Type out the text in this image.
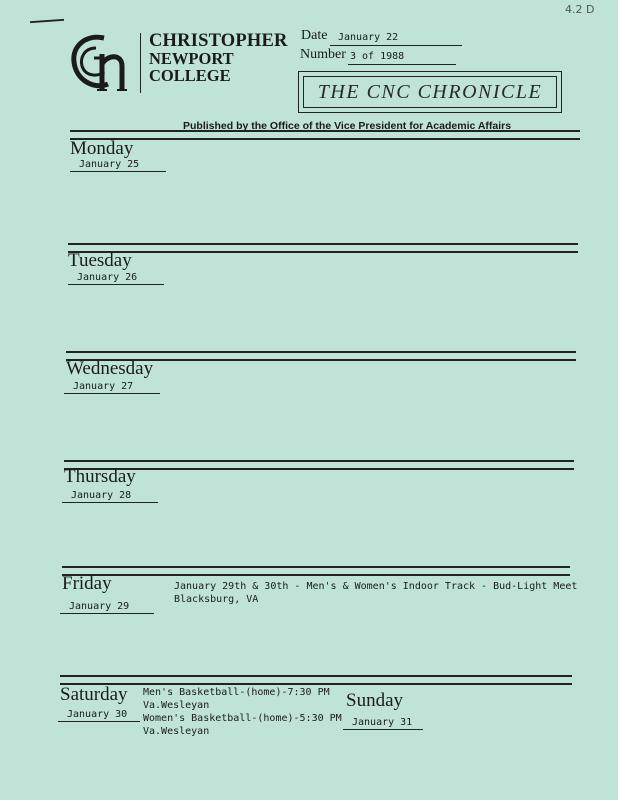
4.2 D
CHRISTOPHER
NEWPORT
COLLEGE
Date	January 22
Number 3 of 1988
THE CNC CHRONICLE
Published by the Office of the Vice President for Academic Affairs
Monday
January 25
Tuesday
January 26
Wednesday
January 27
Thursday
January 28
Friday
January 29
January 29th & 30th - Men's & Women's Indoor Track - Bud-Light Meet
Blacksburg, VA
Saturday
January 30
Men's Basketball-(home)-7:30 PM
Va.Wesleyan
Women's Basketball-(home)-5:30 PM
Va.Wesleyan
Sunday
January 31
